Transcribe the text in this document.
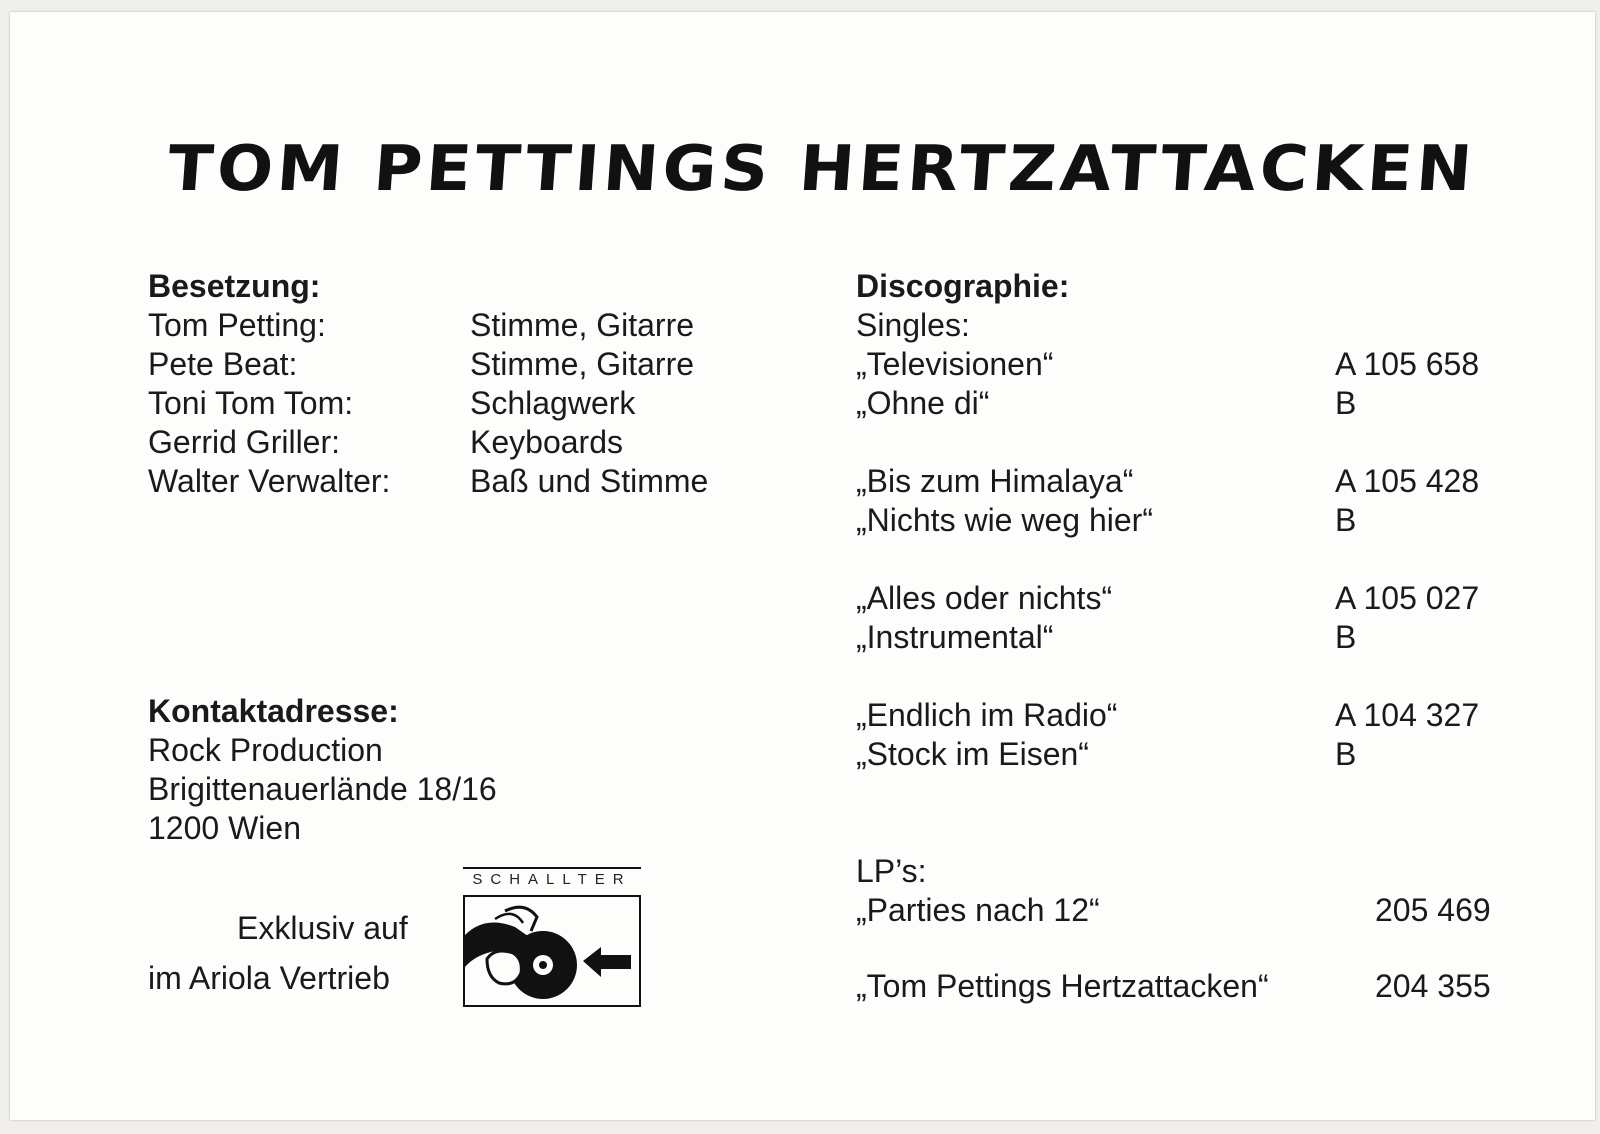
TOM PETTINGS HERTZATTACKEN
Besetzung:
Tom Petting:	Stimme, Gitarre
Pete Beat:	Stimme, Gitarre
Toni Tom Tom:	Schlagwerk
Gerrid Griller:	Keyboards
Walter Verwalter: Baß und Stimme
Kontaktadresse:
Rock Production
Brigittenauerlände 18/16
1200 Wien
Exklusiv auf
im Ariola Vertrieb
SCHALLTER
Discographie:
Singles:
„Televisionen“	A 105 658
„Ohne di“	B
„Bis zum Himalaya“	A 105 428
„Nichts wie weg hier“	B
„Alles oder nichts“	A 105 027
„Instrumental“	B
„Endlich im Radio“	A 104 327
„Stock im Eisen“	B
LP’s:
„Parties nach 12“	205 469
„Tom Pettings Hertzattacken“	204 355
